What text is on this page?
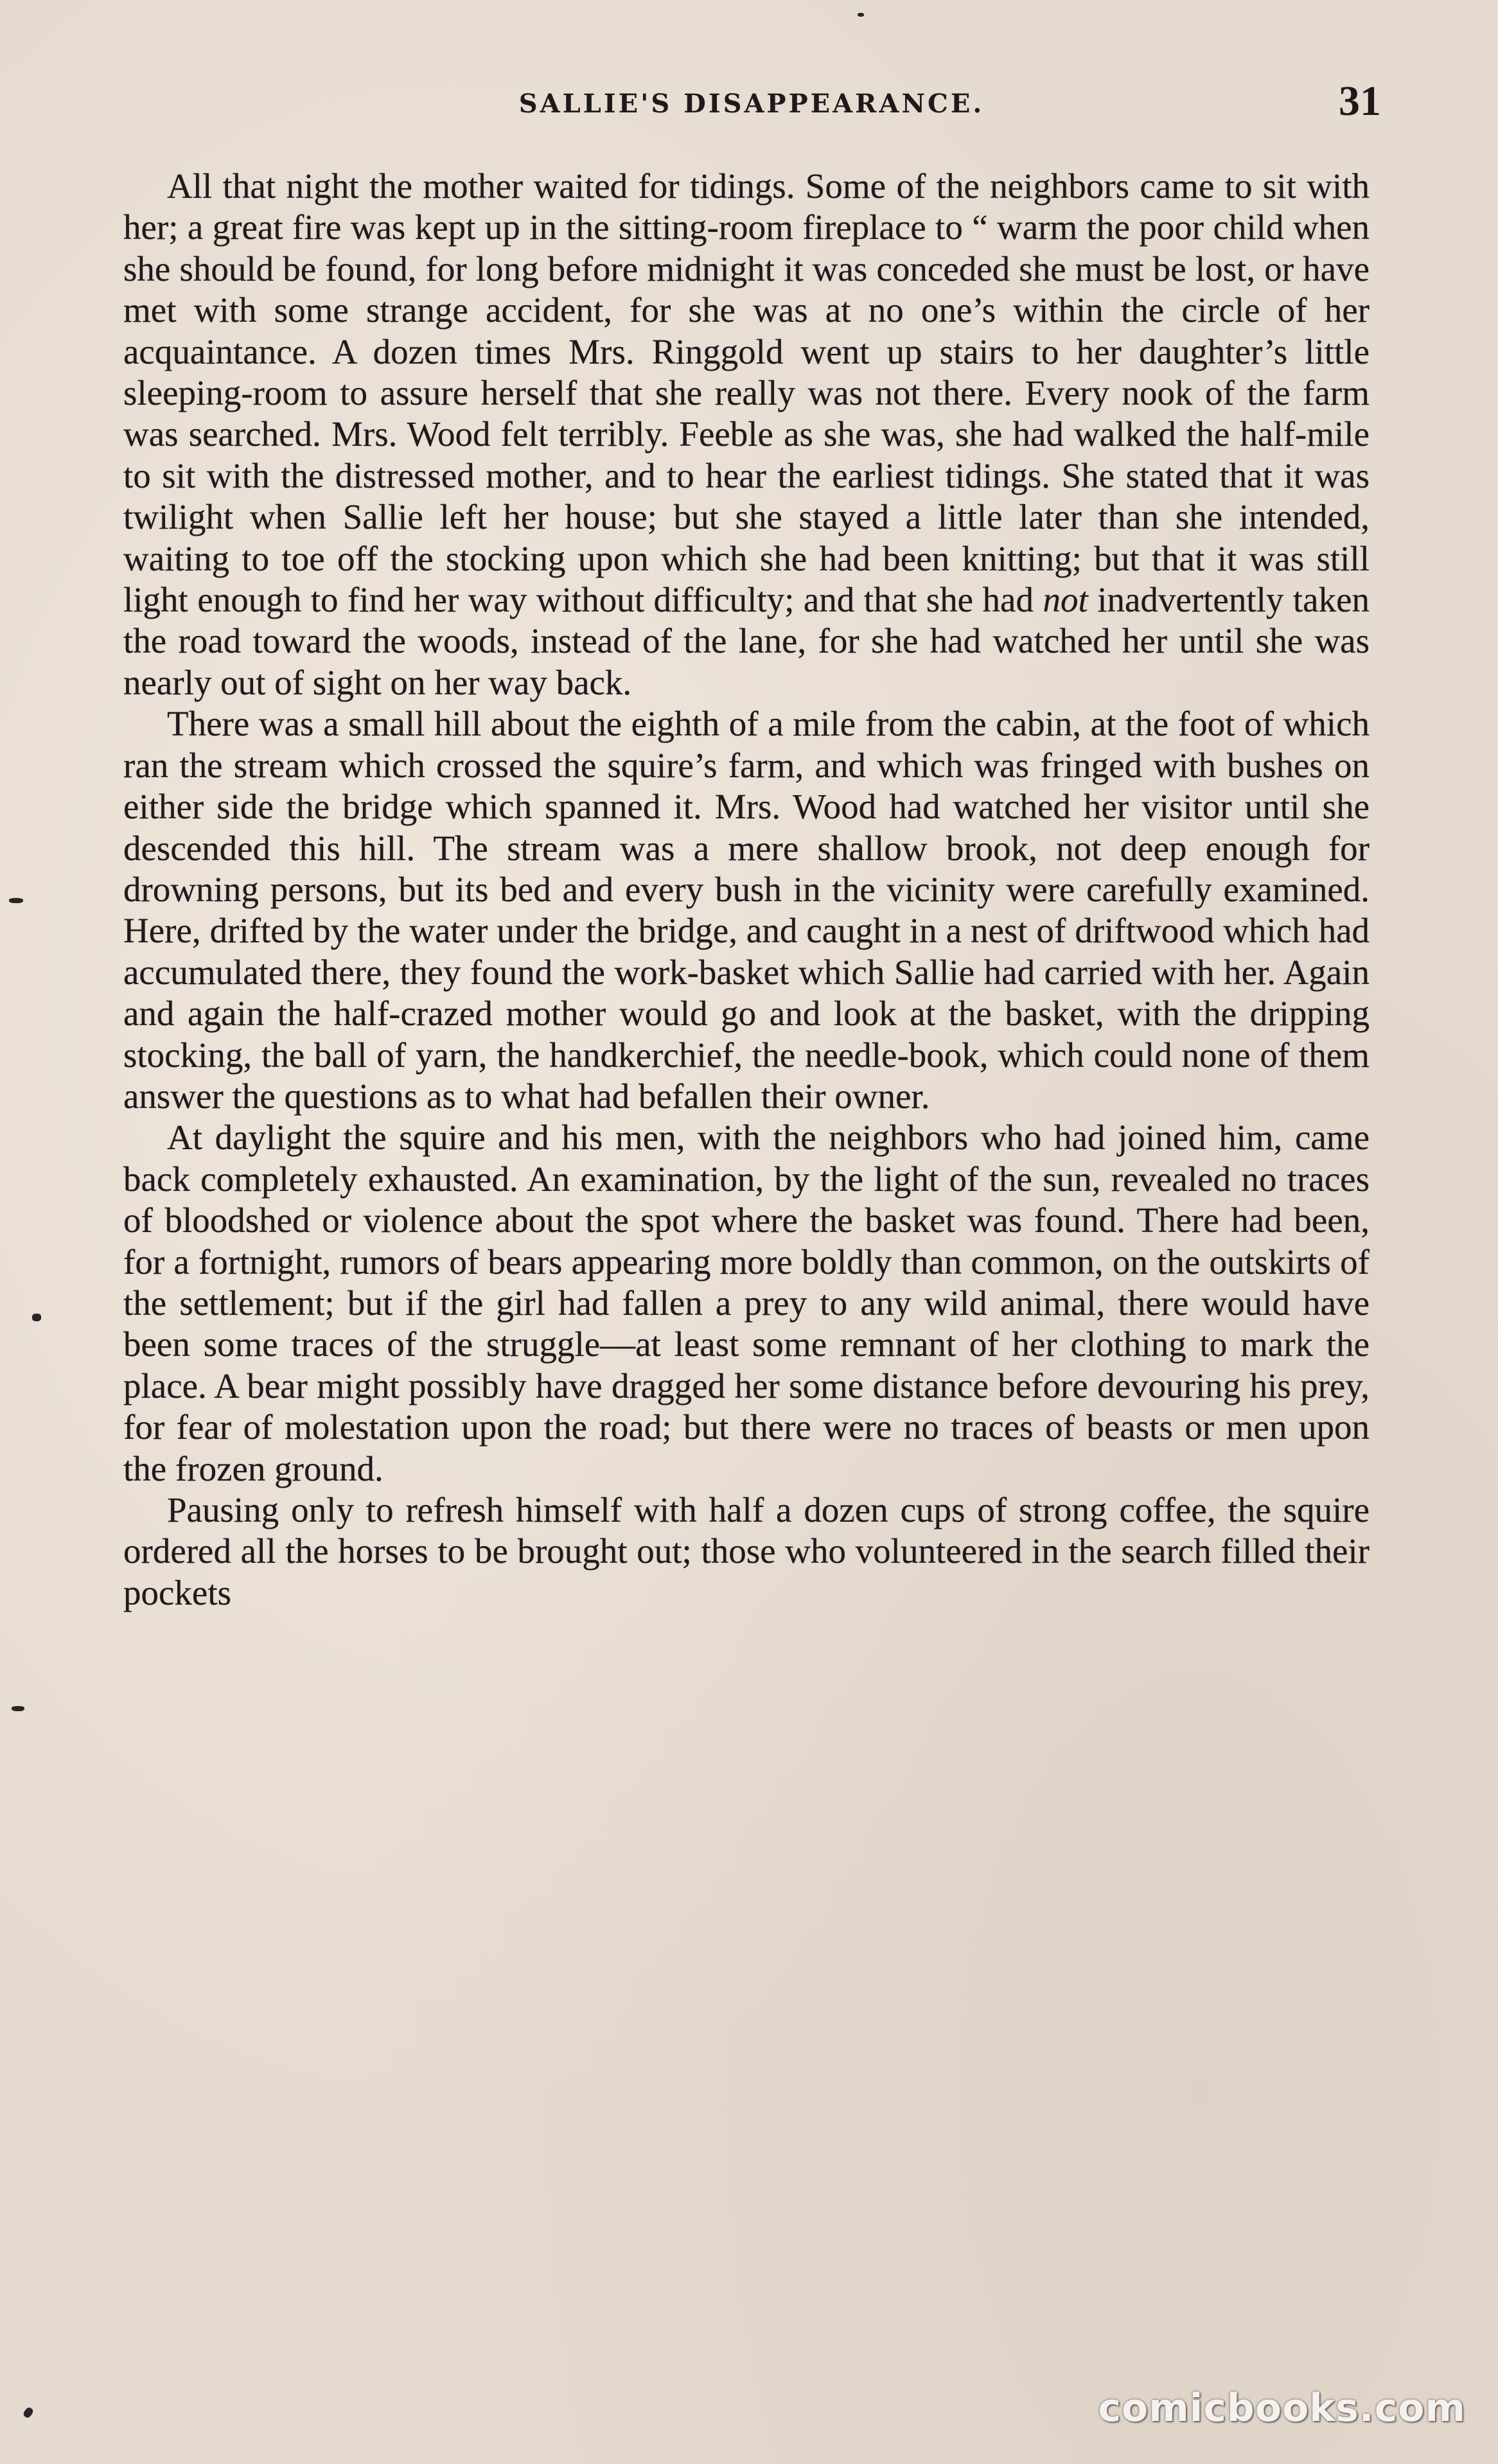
SALLIE'S DISAPPEARANCE.	31

All that night the mother waited for tidings. Some of the neighbors came to sit with her; a great fire was kept up in the sitting-room fireplace to “ warm the poor child when she should be found, for long before midnight it was conceded she must be lost, or have met with some strange accident, for she was at no one’s within the circle of her acquaintance. A dozen times Mrs. Ringgold went up stairs to her daughter’s little sleeping-room to assure herself that she really was not there. Every nook of the farm was searched. Mrs. Wood felt terribly. Feeble as she was, she had walked the half-mile to sit with the distressed mother, and to hear the earliest tidings. She stated that it was twilight when Sallie left her house; but she stayed a little later than she intended, waiting to toe off the stocking upon which she had been knitting; but that it was still light enough to find her way without difficulty; and that she had not inadvertently taken the road toward the woods, instead of the lane, for she had watched her until she was nearly out of sight on her way back.

There was a small hill about the eighth of a mile from the cabin, at the foot of which ran the stream which crossed the squire’s farm, and which was fringed with bushes on either side the bridge which spanned it. Mrs. Wood had watched her visitor until she descended this hill. The stream was a mere shallow brook, not deep enough for drowning persons, but its bed and every bush in the vicinity were carefully examined. Here, drifted by the water under the bridge, and caught in a nest of driftwood which had accumulated there, they found the work-basket which Sallie had carried with her. Again and again the half-crazed mother would go and look at the basket, with the dripping stocking, the ball of yarn, the handkerchief, the needle-book, which could none of them answer the questions as to what had befallen their owner.

At daylight the squire and his men, with the neighbors who had joined him, came back completely exhausted. An examination, by the light of the sun, revealed no traces of bloodshed or violence about the spot where the basket was found. There had been, for a fortnight, rumors of bears appearing more boldly than common, on the outskirts of the settlement; but if the girl had fallen a prey to any wild animal, there would have been some traces of the struggle—at least some remnant of her clothing to mark the place. A bear might possibly have dragged her some distance before devouring his prey, for fear of molestation upon the road; but there were no traces of beasts or men upon the frozen ground.

Pausing only to refresh himself with half a dozen cups of strong coffee, the squire ordered all the horses to be brought out; those who volunteered in the search filled their pockets

comicbooks.com
